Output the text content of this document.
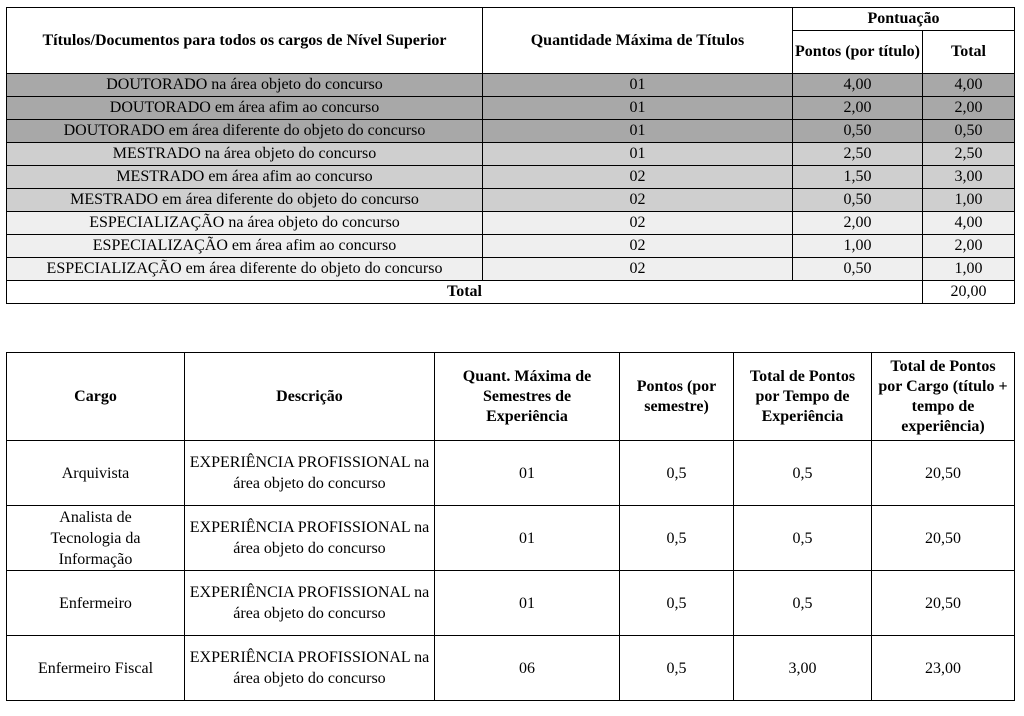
Títulos/Documentos para todos os cargos de Nível Superior	Quantidade Máxima de Títulos	Pontuação	
		Pontos (por título)	Total
DOUTORADO na área objeto do concurso	01	4,00	4,00
DOUTORADO em área afim ao concurso	01	2,00	2,00
DOUTORADO em área diferente do objeto do concurso	01	0,50	0,50
MESTRADO na área objeto do concurso	01	2,50	2,50
MESTRADO em área afim ao concurso	02	1,50	3,00
MESTRADO em área diferente do objeto do concurso	02	0,50	1,00
ESPECIALIZAÇÃO na área objeto do concurso	02	2,00	4,00
ESPECIALIZAÇÃO em área afim ao concurso	02	1,00	2,00
ESPECIALIZAÇÃO em área diferente do objeto do concurso	02	0,50	1,00
Total			20,00
Cargo	Descrição	Quant. Máxima de Semestres de Experiência	Pontos (por semestre)	Total de Pontos por Tempo de Experiência	Total de Pontos por Cargo (título + tempo de experiência)
Arquivista	EXPERIÊNCIA PROFISSIONAL na área objeto do concurso	01	0,5	0,5	20,50
Analista de Tecnologia da Informação	EXPERIÊNCIA PROFISSIONAL na área objeto do concurso	01	0,5	0,5	20,50
Enfermeiro	EXPERIÊNCIA PROFISSIONAL na área objeto do concurso	01	0,5	0,5	20,50
Enfermeiro Fiscal	EXPERIÊNCIA PROFISSIONAL na área objeto do concurso	06	0,5	3,00	23,00
